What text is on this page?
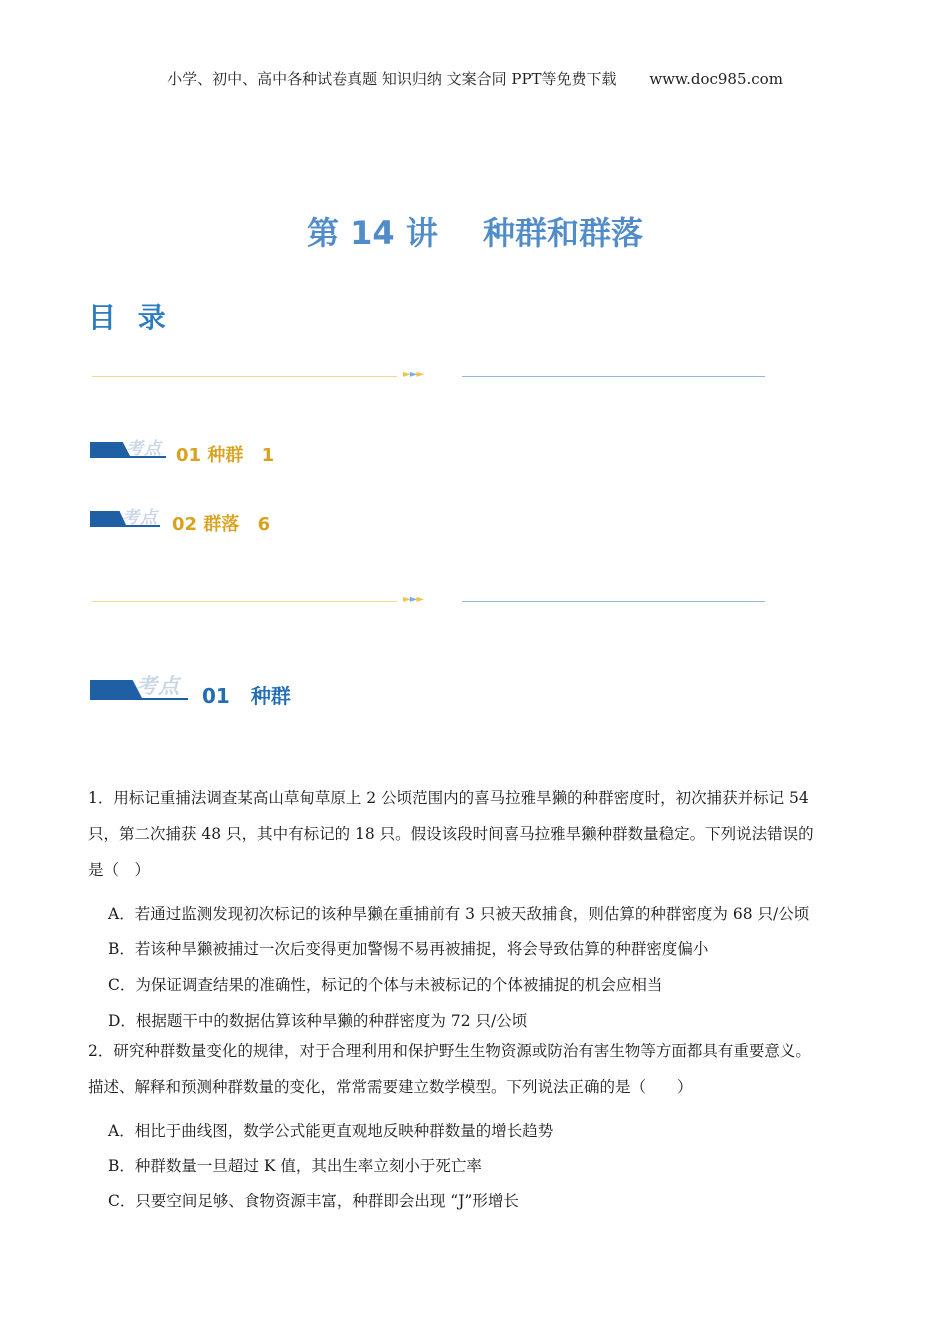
小学、初中、高中各种试卷真题 知识归纳 文案合同 PPT等免费下载 www.doc985.com
第 14 讲 种群和群落
目 录
►►►
考点 01 种群 1
考点 02 群落 6
►►►
考点 01 种群

1．用标记重捕法调查某高山草甸草原上 2 公顷范围内的喜马拉雅旱獭的种群密度时，初次捕获并标记 54

只，第二次捕获 48 只，其中有标记的 18 只。假设该段时间喜马拉雅旱獭种群数量稳定。下列说法错误的

是（　）

A．若通过监测发现初次标记的该种旱獭在重捕前有 3 只被天敌捕食，则估算的种群密度为 68 只/公顷
B．若该种旱獭被捕过一次后变得更加警惕不易再被捕捉，将会导致估算的种群密度偏小
C．为保证调查结果的准确性，标记的个体与未被标记的个体被捕捉的机会应相当
D．根据题干中的数据估算该种旱獭的种群密度为 72 只/公顷

2．研究种群数量变化的规律，对于合理利用和保护野生生物资源或防治有害生物等方面都具有重要意义。

描述、解释和预测种群数量的变化，常常需要建立数学模型。下列说法正确的是（　　）

A．相比于曲线图，数学公式能更直观地反映种群数量的增长趋势
B．种群数量一旦超过 K 值，其出生率立刻小于死亡率
C．只要空间足够、食物资源丰富，种群即会出现 “J”形增长
